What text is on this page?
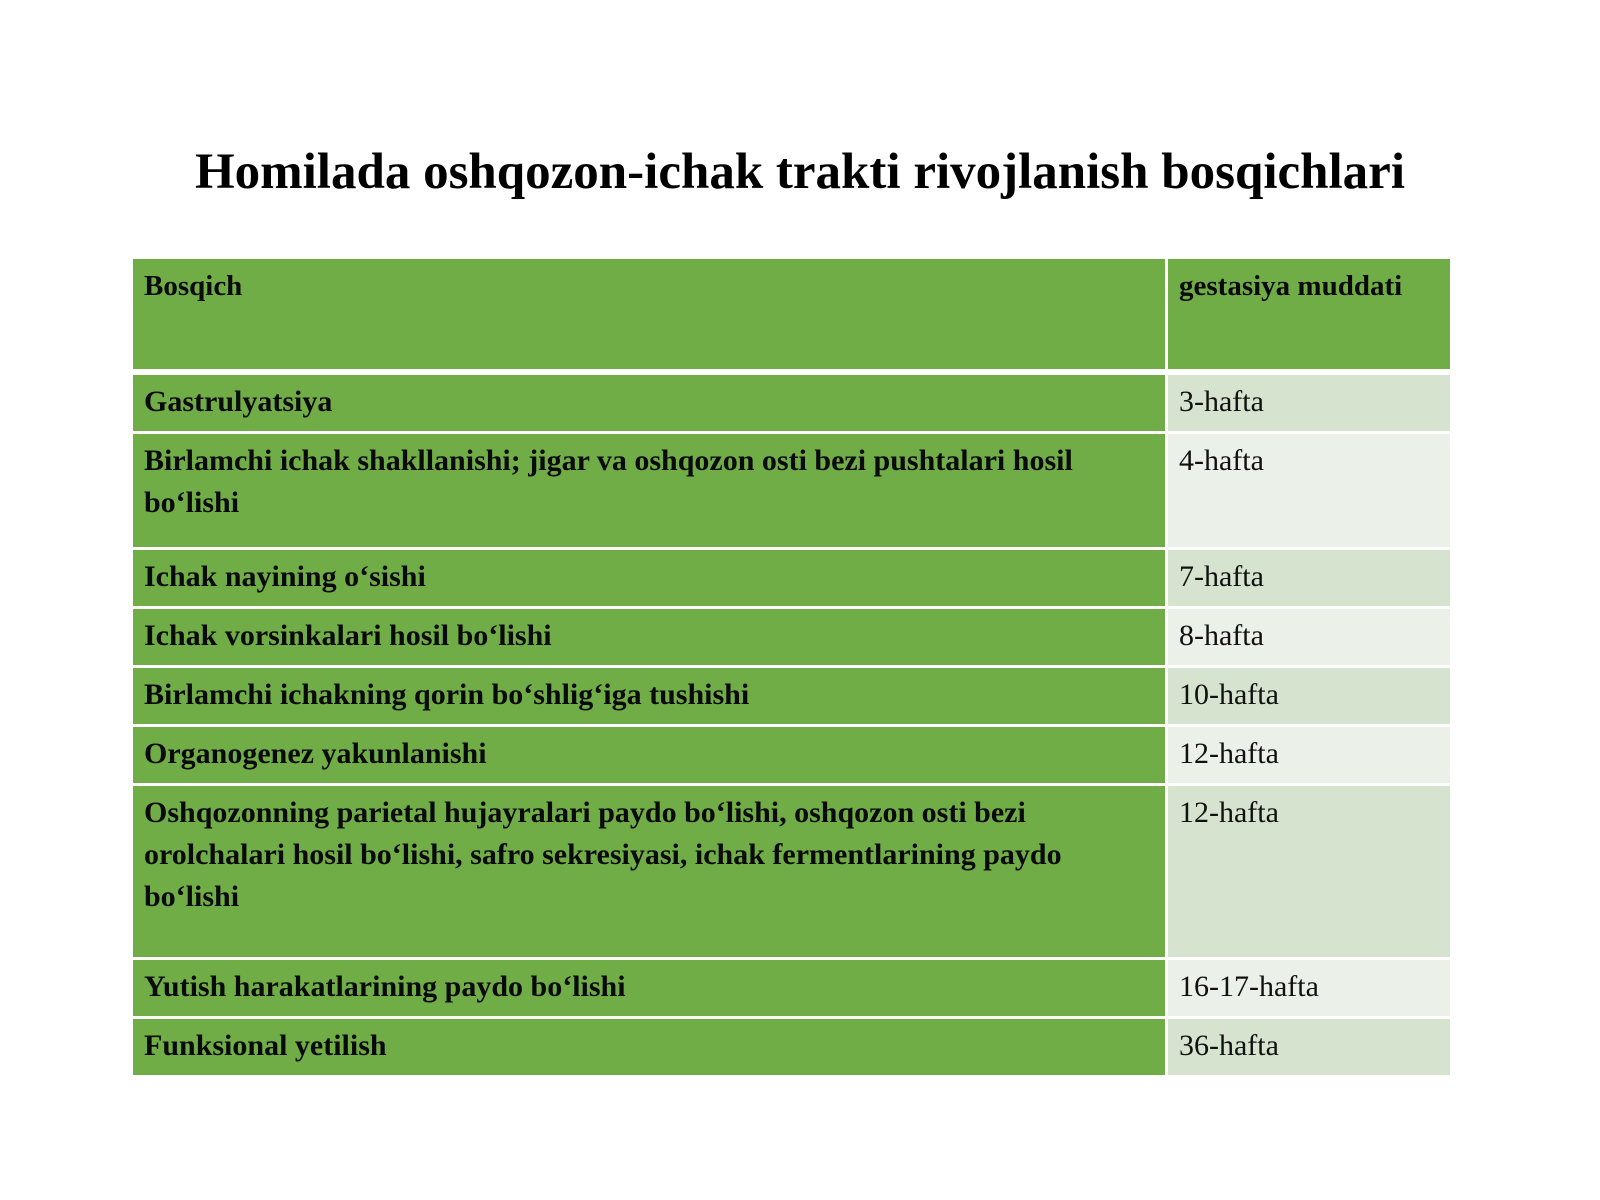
Homilada oshqozon-ichak trakti rivojlanish bosqichlari
Bosqich	gestasiya muddati
Gastrulyatsiya	3-hafta
Birlamchi ichak shakllanishi; jigar va oshqozon osti bezi pushtalari hosil bo‘lishi	4-hafta
Ichak nayining o‘sishi	7-hafta
Ichak vorsinkalari hosil bo‘lishi	8-hafta
Birlamchi ichakning qorin bo‘shlig‘iga tushishi	10-hafta
Organogenez yakunlanishi	12-hafta
Oshqozonning parietal hujayralari paydo bo‘lishi, oshqozon osti bezi orolchalari hosil bo‘lishi, safro sekresiyasi, ichak fermentlarining paydo bo‘lishi	12-hafta
Yutish harakatlarining paydo bo‘lishi	16-17-hafta
Funksional yetilish	36-hafta
